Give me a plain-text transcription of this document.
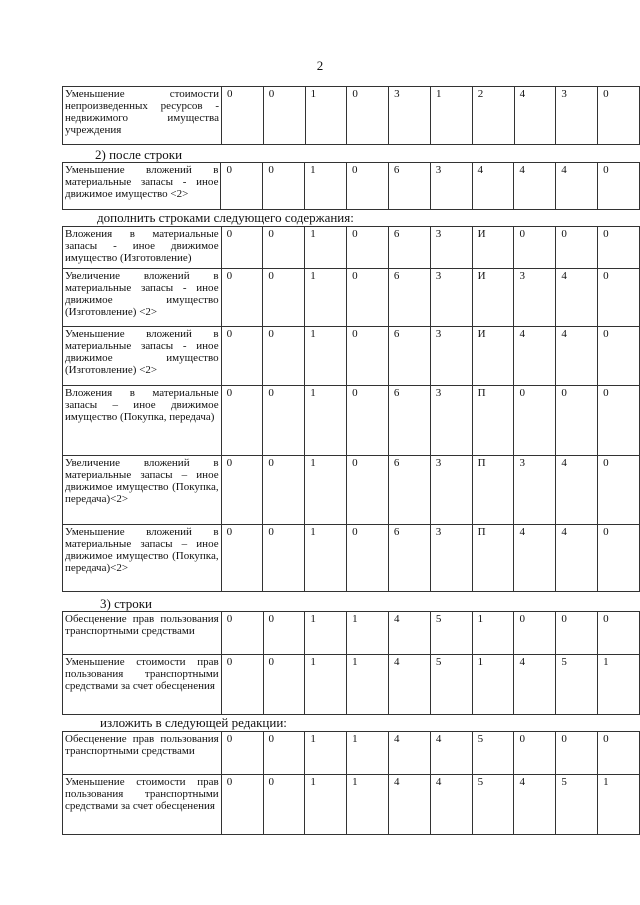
2
Уменьшение стоимости непроизведенных ресурсов - недвижимого имущества учреждения	0	0	1	0	3	1	2	4	3	0
2) после строки
Уменьшение вложений в материальные запасы - иное движимое имущество <2>	0	0	1	0	6	3	4	4	4	0
дополнить строками следующего содержания:
Вложения в материальные запасы - иное движимое имущество (Изготовление)	0	0	1	0	6	3	И	0	0	0
Увеличение вложений в материальные запасы - иное движимое имущество (Изготовление) <2>	0	0	1	0	6	3	И	3	4	0
Уменьшение вложений в материальные запасы - иное движимое имущество (Изготовление) <2>	0	0	1	0	6	3	И	4	4	0
Вложения в материальные запасы – иное движимое имущество (Покупка, передача)	0	0	1	0	6	3	П	0	0	0
Увеличение вложений в материальные запасы – иное движимое имущество (Покупка, передача)<2>	0	0	1	0	6	3	П	3	4	0
Уменьшение вложений в материальные запасы – иное движимое имущество (Покупка, передача)<2>	0	0	1	0	6	3	П	4	4	0
3) строки
Обесценение прав пользования транспортными средствами	0	0	1	1	4	5	1	0	0	0
Уменьшение стоимости прав пользования транспортными средствами за счет обесценения	0	0	1	1	4	5	1	4	5	1
изложить в следующей редакции:
Обесценение прав пользования транспортными средствами	0	0	1	1	4	4	5	0	0	0
Уменьшение стоимости прав пользования транспортными средствами за счет обесценения	0	0	1	1	4	4	5	4	5	1
